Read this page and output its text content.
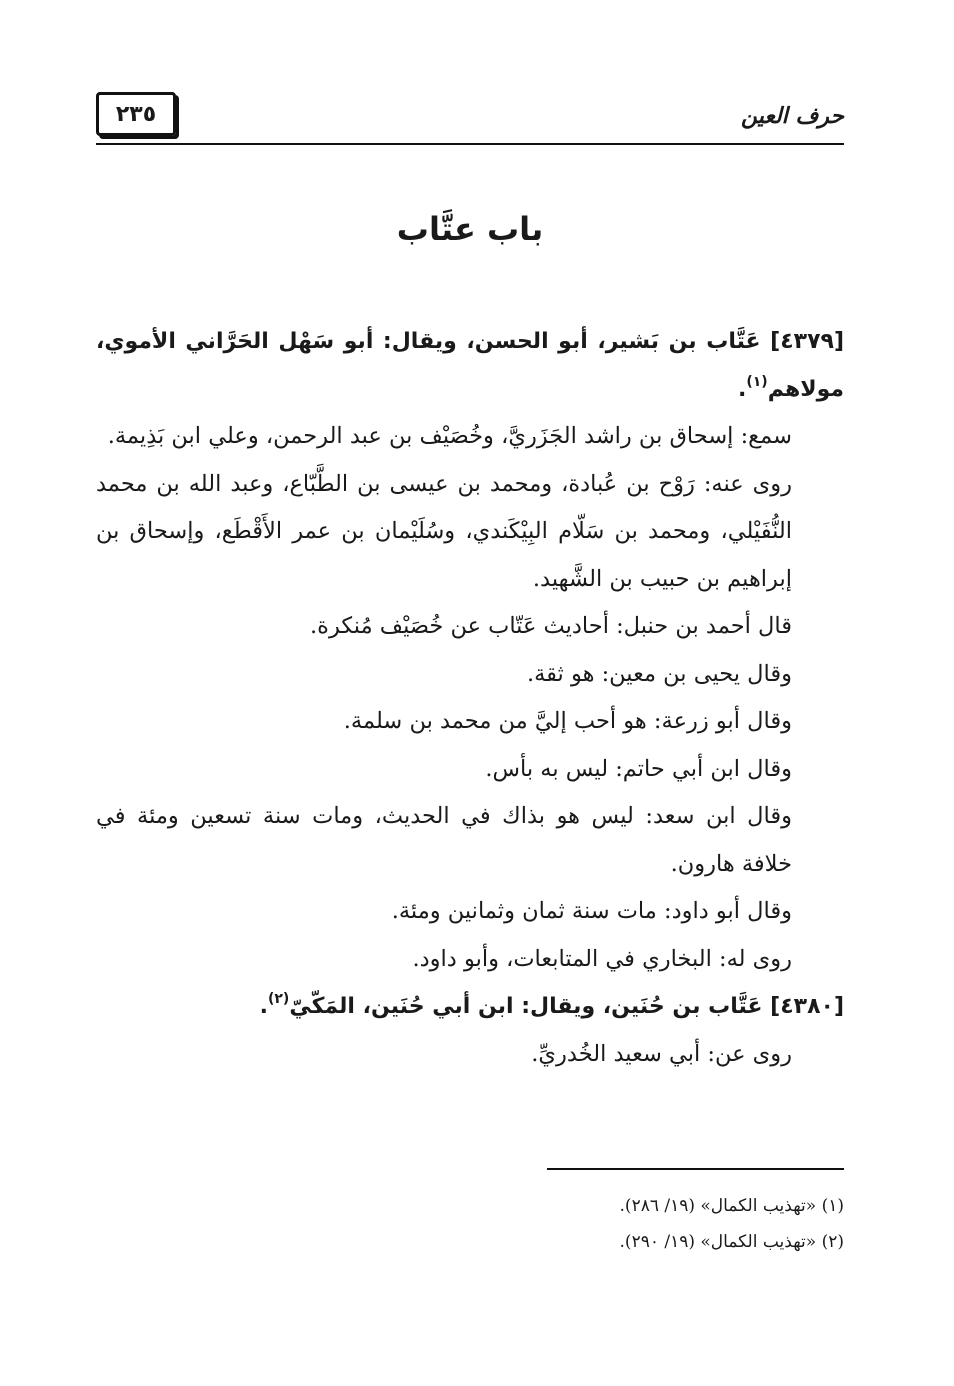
٢٣٥	حرف العين
باب عتَّاب

[٤٣٧٩] عَتَّاب بن بَشير، أبو الحسن، ويقال: أبو سَهْل الحَرَّاني الأموي، مولاهم$^{(١)}$.

سمع: إسحاق بن راشد الجَزَريَّ، وخُصَيْف بن عبد الرحمن، وعلي ابن بَذِيمة.

روى عنه: رَوْح بن عُبادة، ومحمد بن عيسى بن الطَّبّاع، وعبد الله بن محمد النُّفَيْلي، ومحمد بن سَلّام البِيْكَندي، وسُلَيْمان بن عمر الأَقْطَع، وإسحاق بن إبراهيم بن حبيب بن الشَّهيد.

قال أحمد بن حنبل: أحاديث عَتّاب عن خُصَيْف مُنكرة.

وقال يحيى بن معين: هو ثقة.

وقال أبو زرعة: هو أحب إليَّ من محمد بن سلمة.

وقال ابن أبي حاتم: ليس به بأس.

وقال ابن سعد: ليس هو بذاك في الحديث، ومات سنة تسعين ومئة في خلافة هارون.

وقال أبو داود: مات سنة ثمان وثمانين ومئة.

روى له: البخاري في المتابعات، وأبو داود.

[٤٣٨٠] عَتَّاب بن حُنَين، ويقال: ابن أبي حُنَين، المَكّيّ$^{(٢)}$.

روى عن: أبي سعيد الخُدريِّ.

(١) «تهذيب الكمال» (١٩/ ٢٨٦).

(٢) «تهذيب الكمال» (١٩/ ٢٩٠).
